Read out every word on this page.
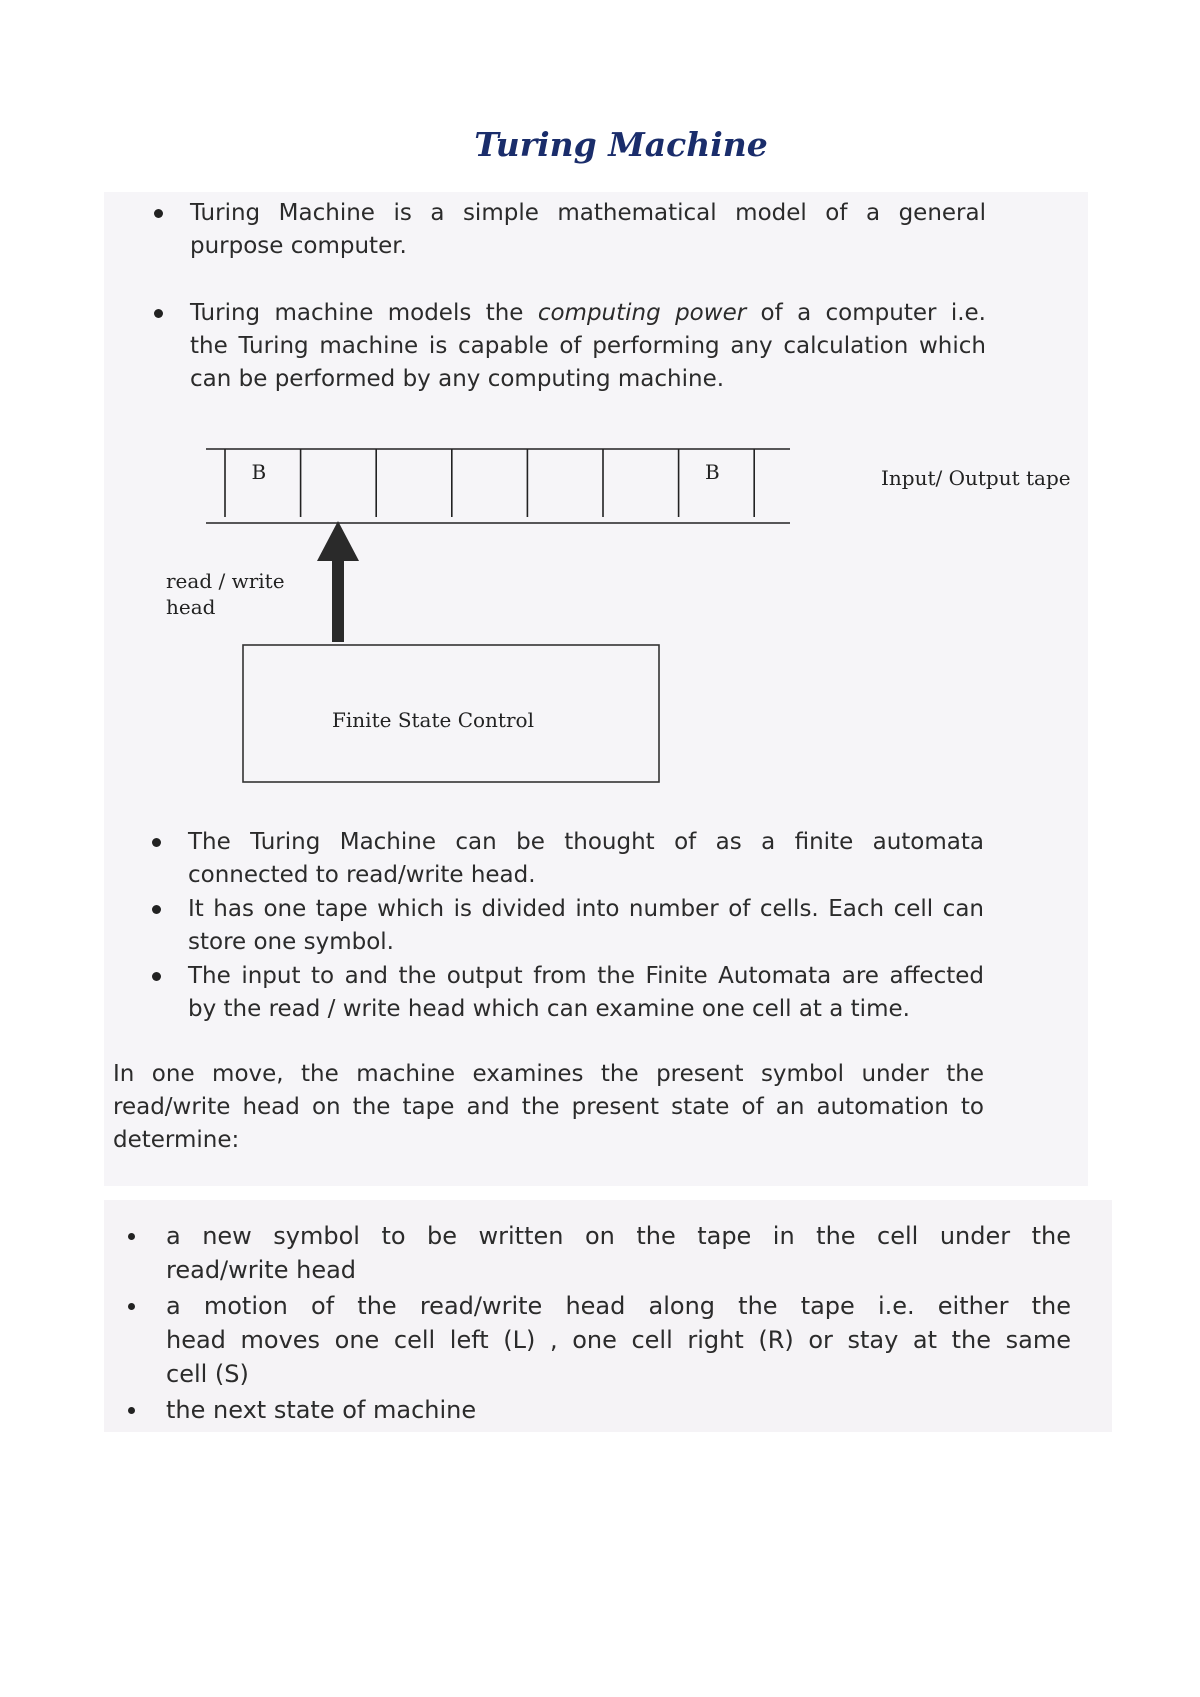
Turing Machine
Turing Machine is a simple mathematical model of a general
purpose computer.
Turing machine models the computing power of a computer i.e.
the Turing machine is capable of performing any calculation which
can be performed by any computing machine.
B	B	Input/ Output tape
read / write
head
Finite State Control
The Turing Machine can be thought of as a finite automata
connected to read/write head.
It has one tape which is divided into number of cells. Each cell can
store one symbol.
The input to and the output from the Finite Automata are affected
by the read / write head which can examine one cell at a time.
In one move, the machine examines the present symbol under the
read/write head on the tape and the present state of an automation to
determine:
a new symbol to be written on the tape in the cell under the
read/write head
a motion of the read/write head along the tape i.e. either the
head moves one cell left (L) , one cell right (R) or stay at the same
cell (S)
the next state of machine
